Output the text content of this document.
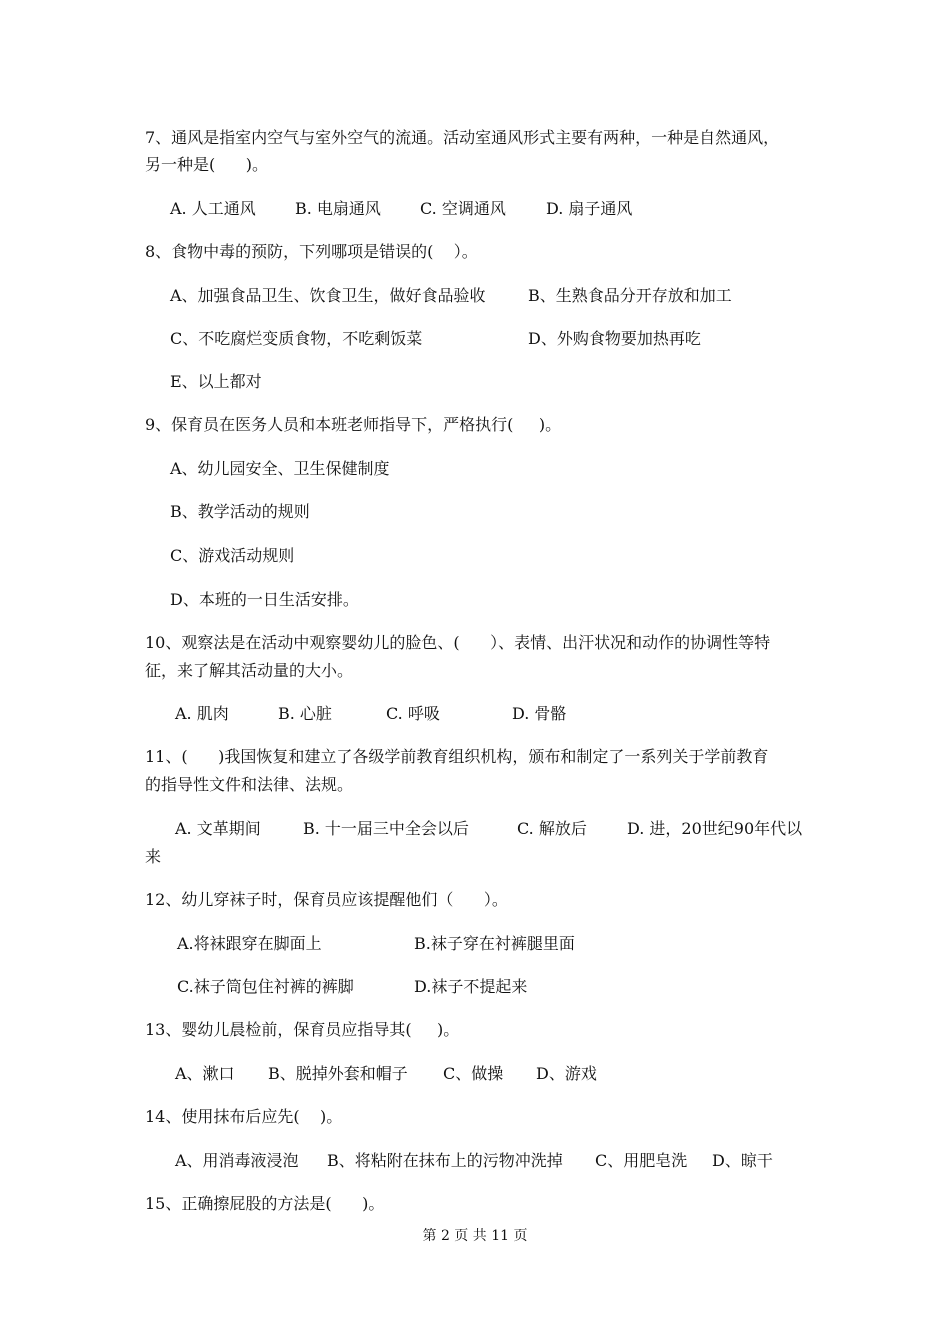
7、通风是指室内空气与室外空气的流通。活动室通风形式主要有两种，一种是自然通风，
另一种是(      )。
A. 人工通风 B. 电扇通风 C. 空调通风	D. 扇子通风
8、食物中毒的预防，下列哪项是错误的(    ）。
A、加强食品卫生、饮食卫生，做好食品验收	B、生熟食品分开存放和加工
C、不吃腐烂变质食物，不吃剩饭菜	D、外购食物要加热再吃
E、以上都对
9、保育员在医务人员和本班老师指导下，严格执行(     )。
A、幼儿园安全、卫生保健制度
B、教学活动的规则
C、游戏活动规则
D、本班的一日生活安排。
10、观察法是在活动中观察婴幼儿的脸色、(      ）、表情、出汗状况和动作的协调性等特
征，来了解其活动量的大小。
A. 肌肉	B. 心脏	C. 呼吸	D. 骨骼
11、(      )我国恢复和建立了各级学前教育组织机构，颁布和制定了一系列关于学前教育
的指导性文件和法律、法规。
A. 文革期间	B. 十一届三中全会以后	C. 解放后	D. 进，20世纪90年代以
来
12、幼儿穿袜子时，保育员应该提醒他们（      ）。
A.将袜跟穿在脚面上	B.袜子穿在衬裤腿里面
C.袜子筒包住衬裤的裤脚	D.袜子不提起来
13、婴幼儿晨检前，保育员应指导其(     )。
A、漱口 B、脱掉外套和帽子 C、做操 D、游戏
14、使用抹布后应先(    )。
A、用消毒液浸泡 B、将粘附在抹布上的污物冲洗掉 C、用肥皂洗 D、晾干
15、正确擦屁股的方法是(      )。
第 2 页 共 11 页
